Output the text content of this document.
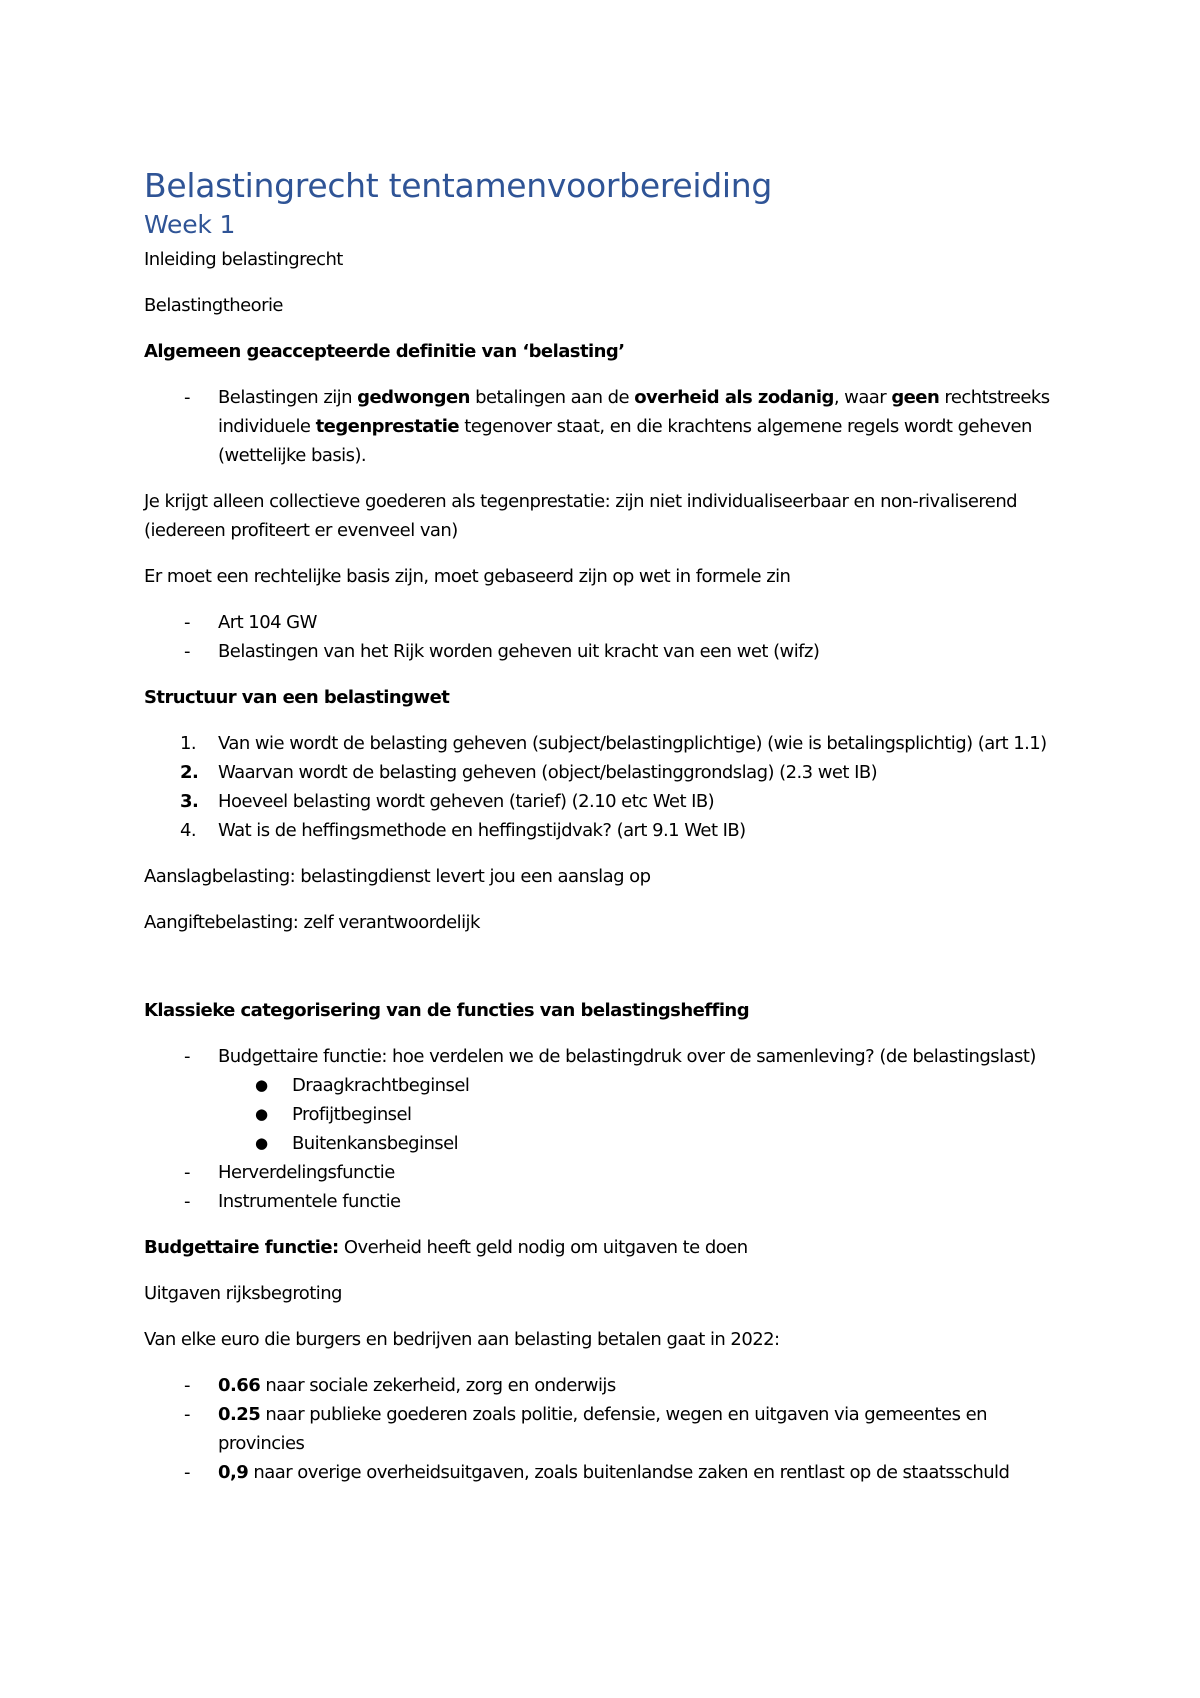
Belastingrecht tentamenvoorbereiding
Week 1

Inleiding belastingrecht

Belastingtheorie

Algemeen geaccepteerde definitie van ‘belasting’

- Belastingen zijn gedwongen betalingen aan de overheid als zodanig, waar geen rechtstreeks individuele tegenprestatie tegenover staat, en die krachtens algemene regels wordt geheven (wettelijke basis).

Je krijgt alleen collectieve goederen als tegenprestatie: zijn niet individualiseerbaar en non-rivaliserend (iedereen profiteert er evenveel van)

Er moet een rechtelijke basis zijn, moet gebaseerd zijn op wet in formele zin

- Art 104 GW
- Belastingen van het Rijk worden geheven uit kracht van een wet (wifz)

Structuur van een belastingwet

1. Van wie wordt de belasting geheven (subject/belastingplichtige) (wie is betalingsplichtig) (art 1.1)
2. Waarvan wordt de belasting geheven (object/belastinggrondslag) (2.3 wet IB)
3. Hoeveel belasting wordt geheven (tarief) (2.10 etc Wet IB)
4. Wat is de heffingsmethode en heffingstijdvak? (art 9.1 Wet IB)

Aanslagbelasting: belastingdienst levert jou een aanslag op

Aangiftebelasting: zelf verantwoordelijk

Klassieke categorisering van de functies van belastingsheffing

- Budgettaire functie: hoe verdelen we de belastingdruk over de samenleving? (de belastingslast)
● Draagkrachtbeginsel
● Profijtbeginsel
● Buitenkansbeginsel
- Herverdelingsfunctie
- Instrumentele functie

Budgettaire functie: Overheid heeft geld nodig om uitgaven te doen

Uitgaven rijksbegroting

Van elke euro die burgers en bedrijven aan belasting betalen gaat in 2022:

- 0.66 naar sociale zekerheid, zorg en onderwijs
- 0.25 naar publieke goederen zoals politie, defensie, wegen en uitgaven via gemeentes en provincies
- 0,9 naar overige overheidsuitgaven, zoals buitenlandse zaken en rentlast op de staatsschuld
